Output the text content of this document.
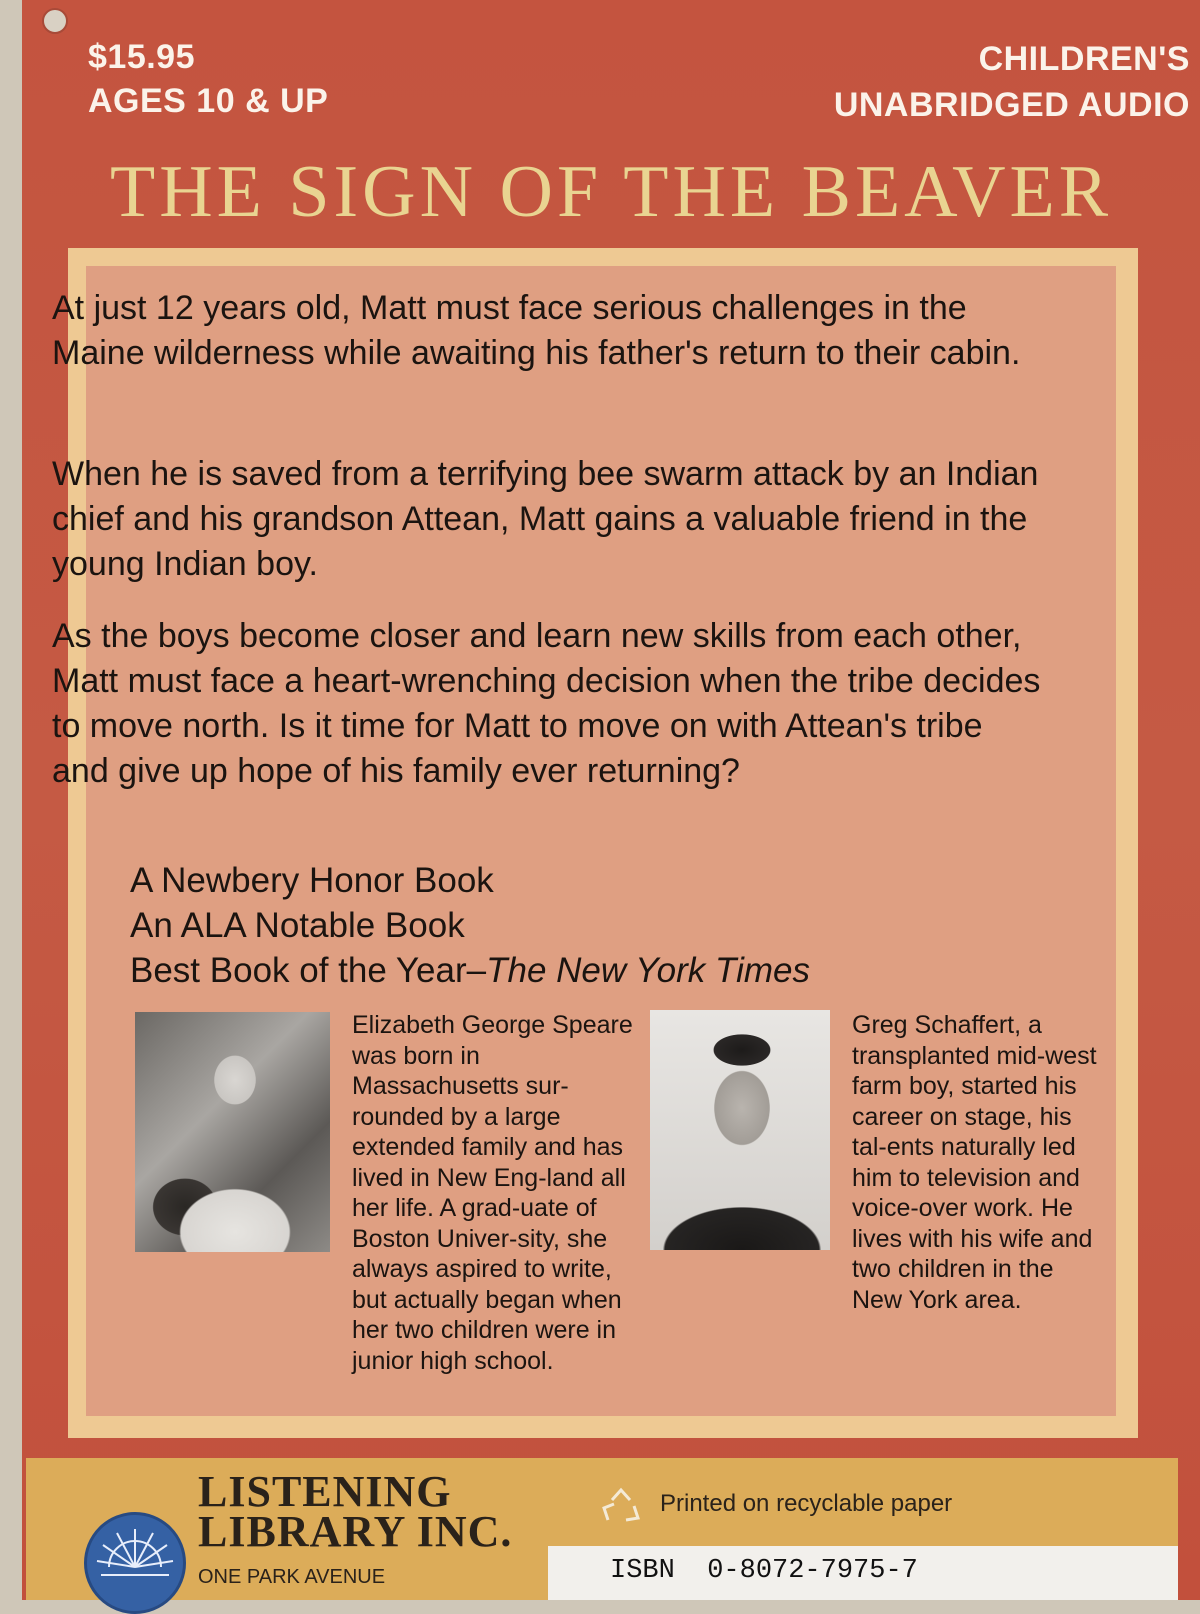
$15.95
AGES 10 & UP
CHILDREN'S
UNABRIDGED AUDIO
THE SIGN OF THE BEAVER

At just 12 years old, Matt must face serious challenges in the Maine wilderness while awaiting his father's return to their cabin.

When he is saved from a terrifying bee swarm attack by an Indian chief and his grandson Attean, Matt gains a valuable friend in the young Indian boy.

As the boys become closer and learn new skills from each other, Matt must face a heart-wrenching decision when the tribe decides to move north. Is it time for Matt to move on with Attean's tribe and give up hope of his family ever returning?

A Newbery Honor Book
An ALA Notable Book
Best Book of the Year–The New York Times

Elizabeth George Speare was born in Massachusetts sur-rounded by a large extended family and has lived in New Eng-land all her life. A grad-uate of Boston Univer-sity, she always aspired to write, but actually began when her two children were in junior high school.

Greg Schaffert, a transplanted mid-west farm boy, started his career on stage, his tal-ents naturally led him to television and voice-over work. He lives with his wife and two children in the New York area.

LISTENING
LIBRARY INC.
ONE PARK AVENUE
Printed on recyclable paper
ISBN  0-8072-7975-7
